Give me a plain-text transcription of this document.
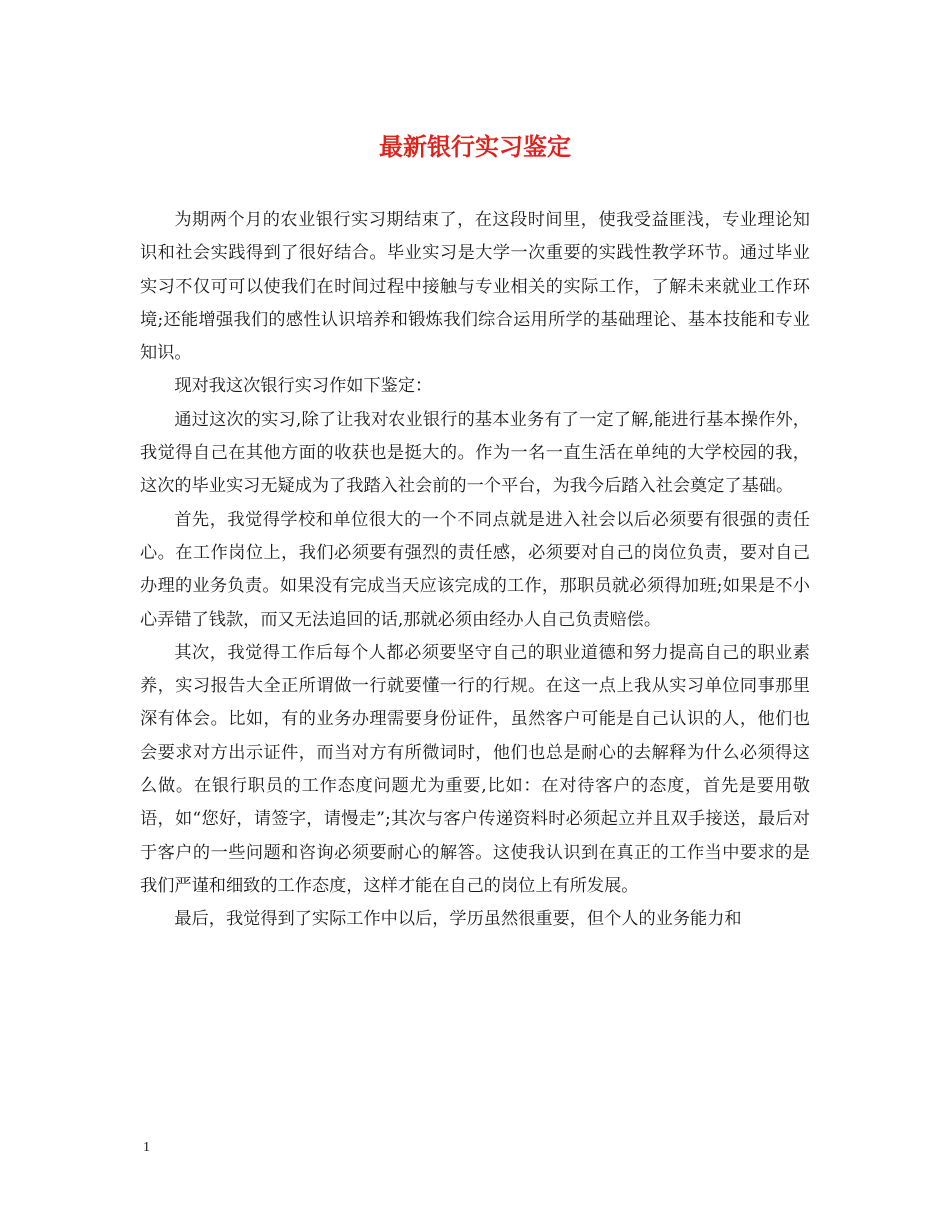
最新银行实习鉴定

为期两个月的农业银行实习期结束了，在这段时间里，使我受益匪浅，专业理论知识和社会实践得到了很好结合。毕业实习是大学一次重要的实践性教学环节。通过毕业实习不仅可可以使我们在时间过程中接触与专业相关的实际工作，了解未来就业工作环境;还能增强我们的感性认识培养和锻炼我们综合运用所学的基础理论、基本技能和专业知识。

现对我这次银行实习作如下鉴定：

通过这次的实习,除了让我对农业银行的基本业务有了一定了解,能进行基本操作外，我觉得自己在其他方面的收获也是挺大的。作为一名一直生活在单纯的大学校园的我，这次的毕业实习无疑成为了我踏入社会前的一个平台，为我今后踏入社会奠定了基础。

首先，我觉得学校和单位很大的一个不同点就是进入社会以后必须要有很强的责任心。在工作岗位上，我们必须要有强烈的责任感，必须要对自己的岗位负责，要对自己办理的业务负责。如果没有完成当天应该完成的工作，那职员就必须得加班;如果是不小心弄错了钱款，而又无法追回的话,那就必须由经办人自己负责赔偿。

其次，我觉得工作后每个人都必须要坚守自己的职业道德和努力提高自己的职业素养，实习报告大全正所谓做一行就要懂一行的行规。在这一点上我从实习单位同事那里深有体会。比如，有的业务办理需要身份证件，虽然客户可能是自己认识的人，他们也会要求对方出示证件，而当对方有所微词时，他们也总是耐心的去解释为什么必须得这么做。在银行职员的工作态度问题尤为重要,比如：在对待客户的态度，首先是要用敬语，如“您好，请签字，请慢走”;其次与客户传递资料时必须起立并且双手接送，最后对于客户的一些问题和咨询必须要耐心的解答。这使我认识到在真正的工作当中要求的是我们严谨和细致的工作态度，这样才能在自己的岗位上有所发展。

最后，我觉得到了实际工作中以后，学历虽然很重要，但个人的业务能力和

1
